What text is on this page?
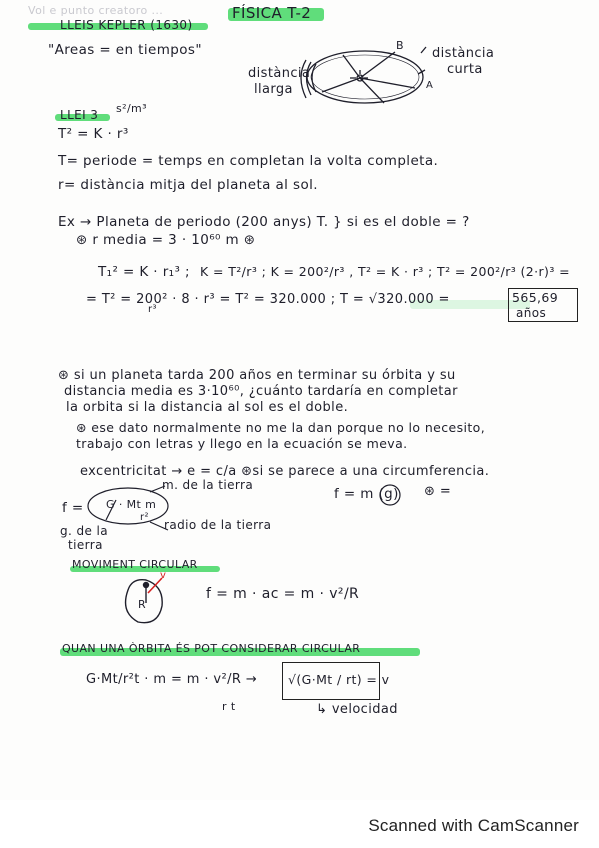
Vol e punto creatoro ...	FÍSICA T-2
LLEIS KEPLER (1630)
"Areas = en tiempos"	B
A
distància
curta
distància
llarga
LLEI 3 s²/m³
T² = K · r³
T= periode = temps en completan la volta completa.
r= distància mitja del planeta al sol.
Ex → Planeta de periodo (200 anys) T. } si es el doble = ?
⊛ r media = 3 · 10⁶⁰ m ⊛
T₁² = K · r₁³ ; K = T²/r³ ; K = 200²/r³ , T² = K · r³ ; T² = 200²/r³ (2·r)³ =
= T² = 200² · 8 · r³ = T² = 320.000 ; T = √320.000 =	565,69
años
r³
⊛ si un planeta tarda 200 años en terminar su órbita y su
distancia media es 3·10⁶⁰, ¿cuánto tardaría en completar
la orbita si la distancia al sol es el doble.
⊛ ese dato normalmente no me la dan porque no lo necesito,
trabajo con letras y llego en la ecuación se meva.
excentricitat → e = c/a ⊛si se parece a una circumferencia.
f = G · Mt m
r²
m. de la tierra
radio de la tierra
g. de la
tierra
f = m (g) ⊛ =
MOVIMENT CIRCULAR
R
v
f = m · ac = m · v²/R
QUAN UNA ÒRBITA ÉS POT CONSIDERAR CIRCULAR
G·Mt/r²t · m = m · v²/R → √(G·Mt / rt) = v
r t	↳ velocidad
Scanned with CamScanner
